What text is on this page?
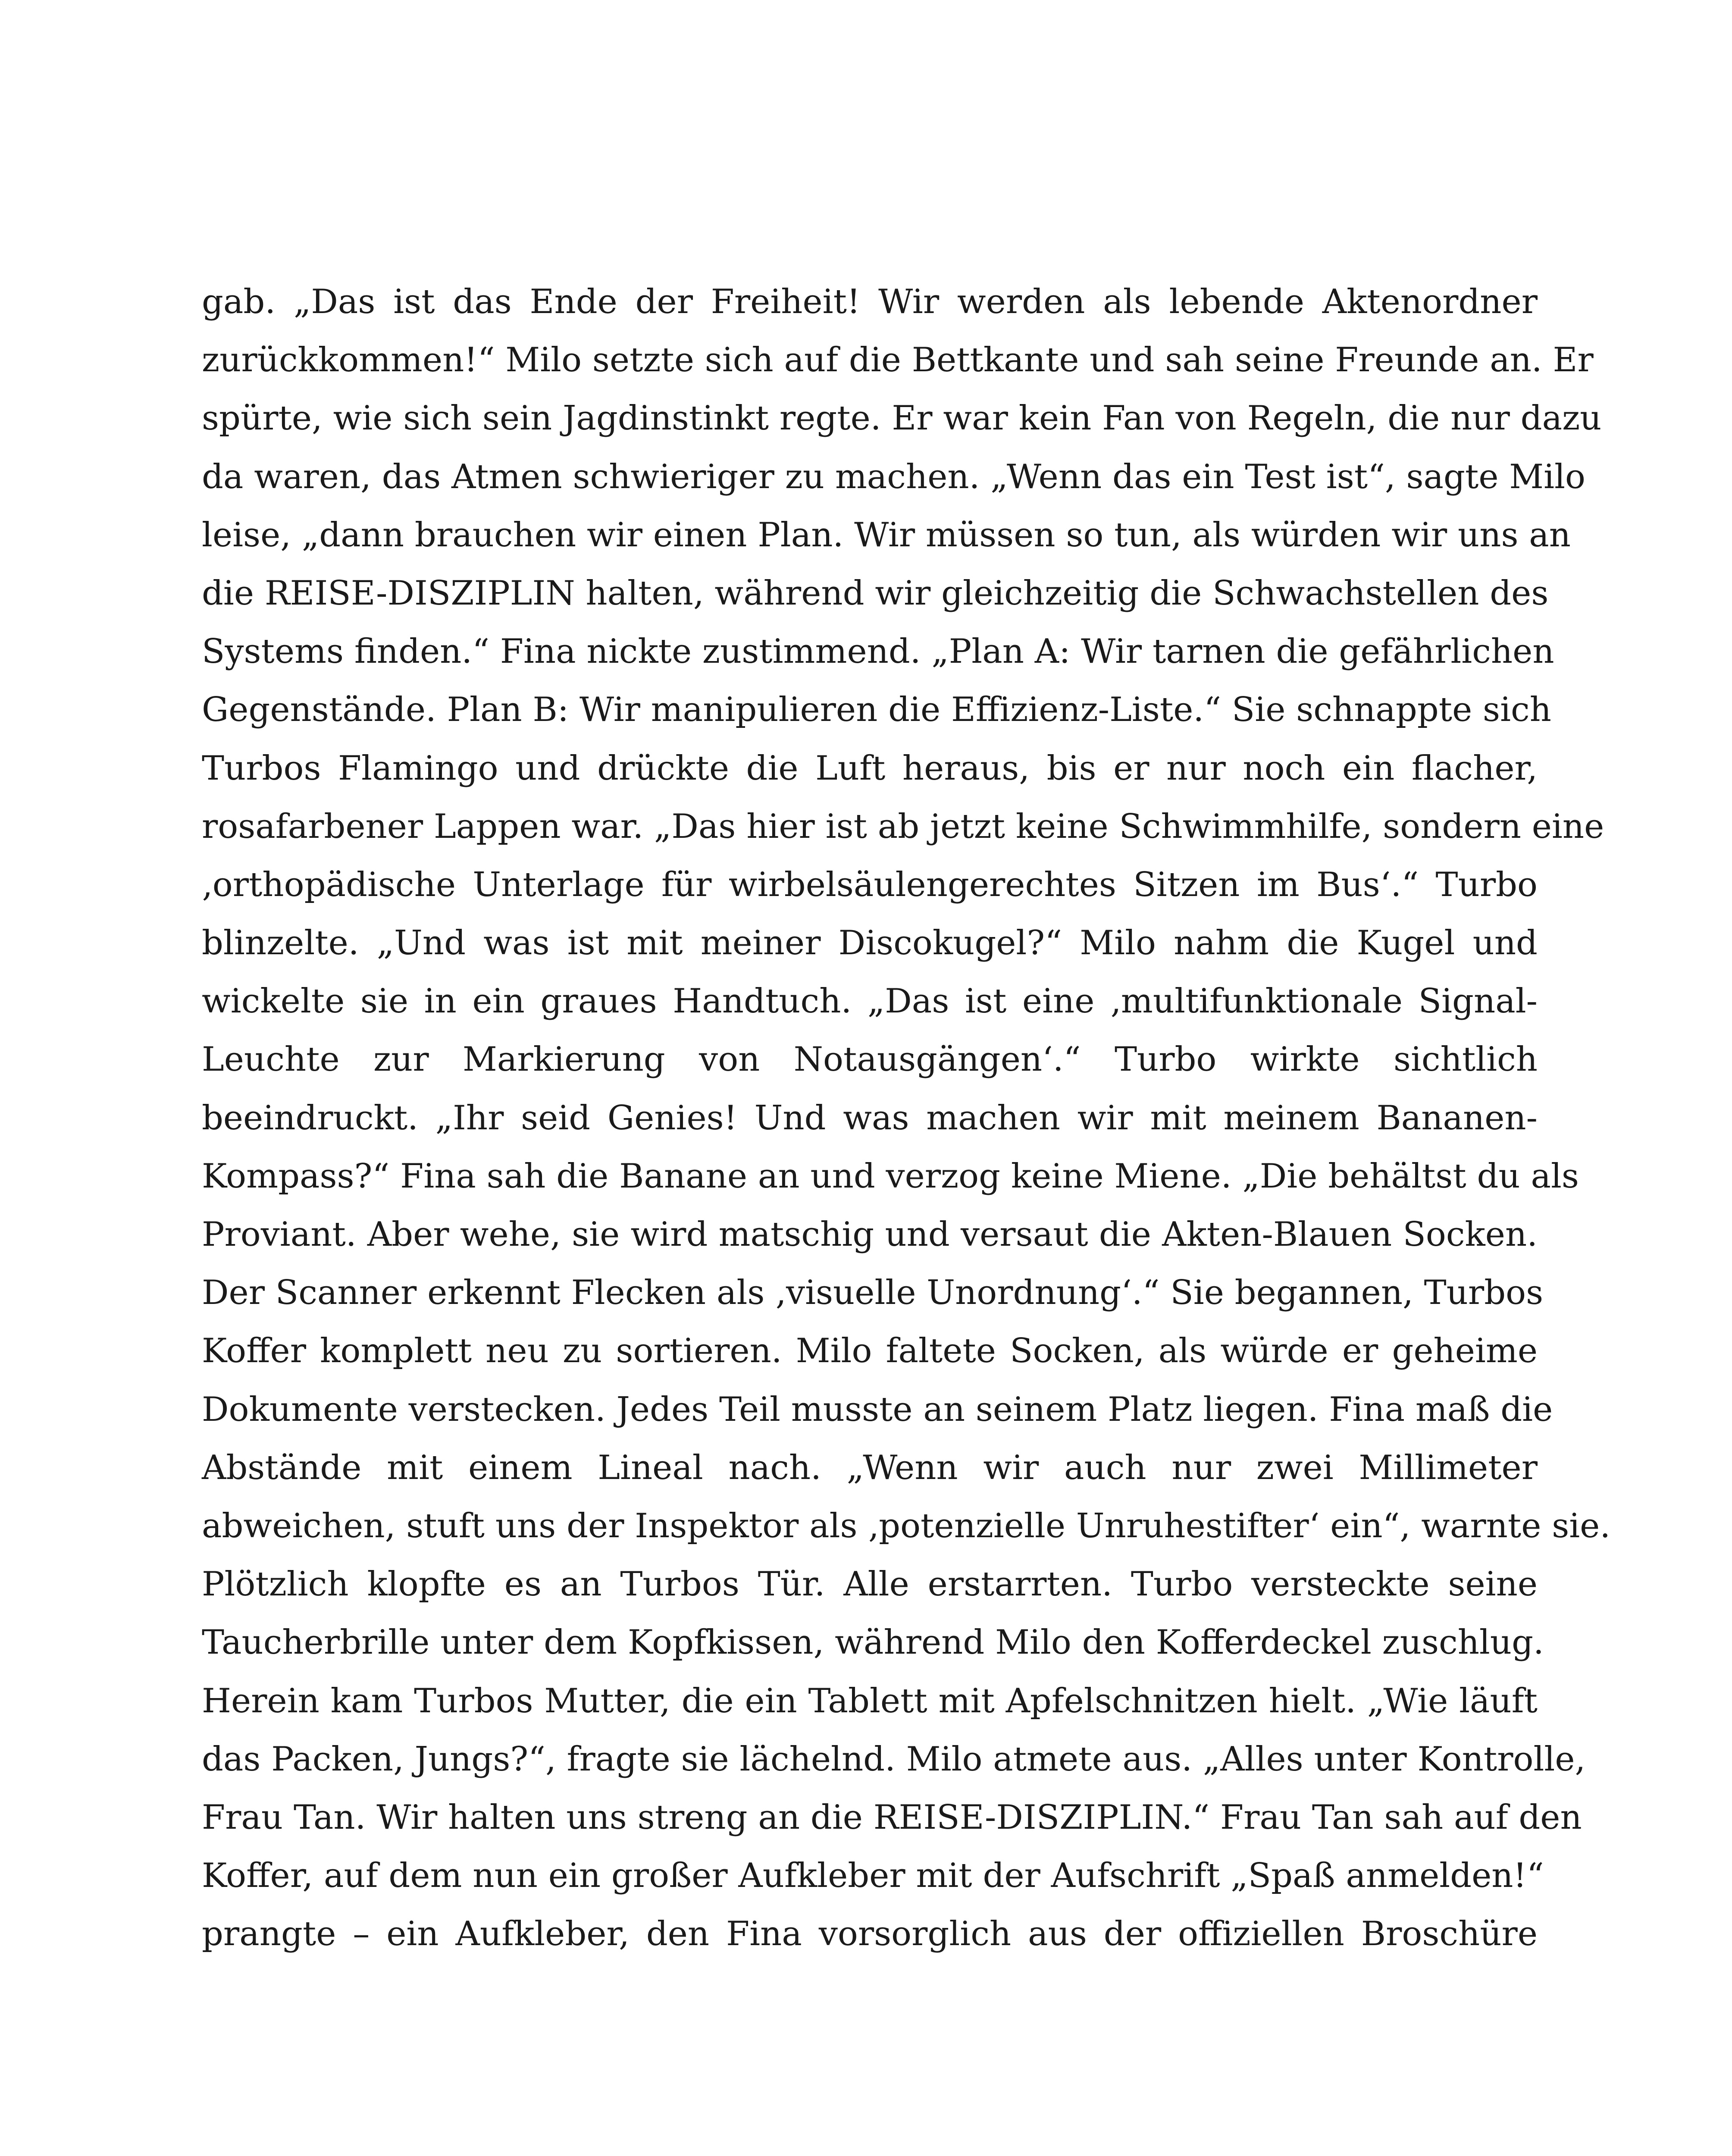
gab. „Das ist das Ende der Freiheit! Wir werden als lebende Aktenordner
zurückkommen!“ Milo setzte sich auf die Bettkante und sah seine Freunde an. Er
spürte, wie sich sein Jagdinstinkt regte. Er war kein Fan von Regeln, die nur dazu
da waren, das Atmen schwieriger zu machen. „Wenn das ein Test ist“, sagte Milo
leise, „dann brauchen wir einen Plan. Wir müssen so tun, als würden wir uns an
die REISE-DISZIPLIN halten, während wir gleichzeitig die Schwachstellen des
Systems finden.“ Fina nickte zustimmend. „Plan A: Wir tarnen die gefährlichen
Gegenstände. Plan B: Wir manipulieren die Effizienz-Liste.“ Sie schnappte sich
Turbos Flamingo und drückte die Luft heraus, bis er nur noch ein flacher,
rosafarbener Lappen war. „Das hier ist ab jetzt keine Schwimmhilfe, sondern eine
‚orthopädische Unterlage für wirbelsäulengerechtes Sitzen im Bus‘.“ Turbo
blinzelte. „Und was ist mit meiner Discokugel?“ Milo nahm die Kugel und
wickelte sie in ein graues Handtuch. „Das ist eine ‚multifunktionale Signal-
Leuchte zur Markierung von Notausgängen‘.“ Turbo wirkte sichtlich
beeindruckt. „Ihr seid Genies! Und was machen wir mit meinem Bananen-
Kompass?“ Fina sah die Banane an und verzog keine Miene. „Die behältst du als
Proviant. Aber wehe, sie wird matschig und versaut die Akten-Blauen Socken.
Der Scanner erkennt Flecken als ‚visuelle Unordnung‘.“ Sie begannen, Turbos
Koffer komplett neu zu sortieren. Milo faltete Socken, als würde er geheime
Dokumente verstecken. Jedes Teil musste an seinem Platz liegen. Fina maß die
Abstände mit einem Lineal nach. „Wenn wir auch nur zwei Millimeter
abweichen, stuft uns der Inspektor als ‚potenzielle Unruhestifter‘ ein“, warnte sie.
Plötzlich klopfte es an Turbos Tür. Alle erstarrten. Turbo versteckte seine
Taucherbrille unter dem Kopfkissen, während Milo den Kofferdeckel zuschlug.
Herein kam Turbos Mutter, die ein Tablett mit Apfelschnitzen hielt. „Wie läuft
das Packen, Jungs?“, fragte sie lächelnd. Milo atmete aus. „Alles unter Kontrolle,
Frau Tan. Wir halten uns streng an die REISE-DISZIPLIN.“ Frau Tan sah auf den
Koffer, auf dem nun ein großer Aufkleber mit der Aufschrift „Spaß anmelden!“
prangte – ein Aufkleber, den Fina vorsorglich aus der offiziellen Broschüre
